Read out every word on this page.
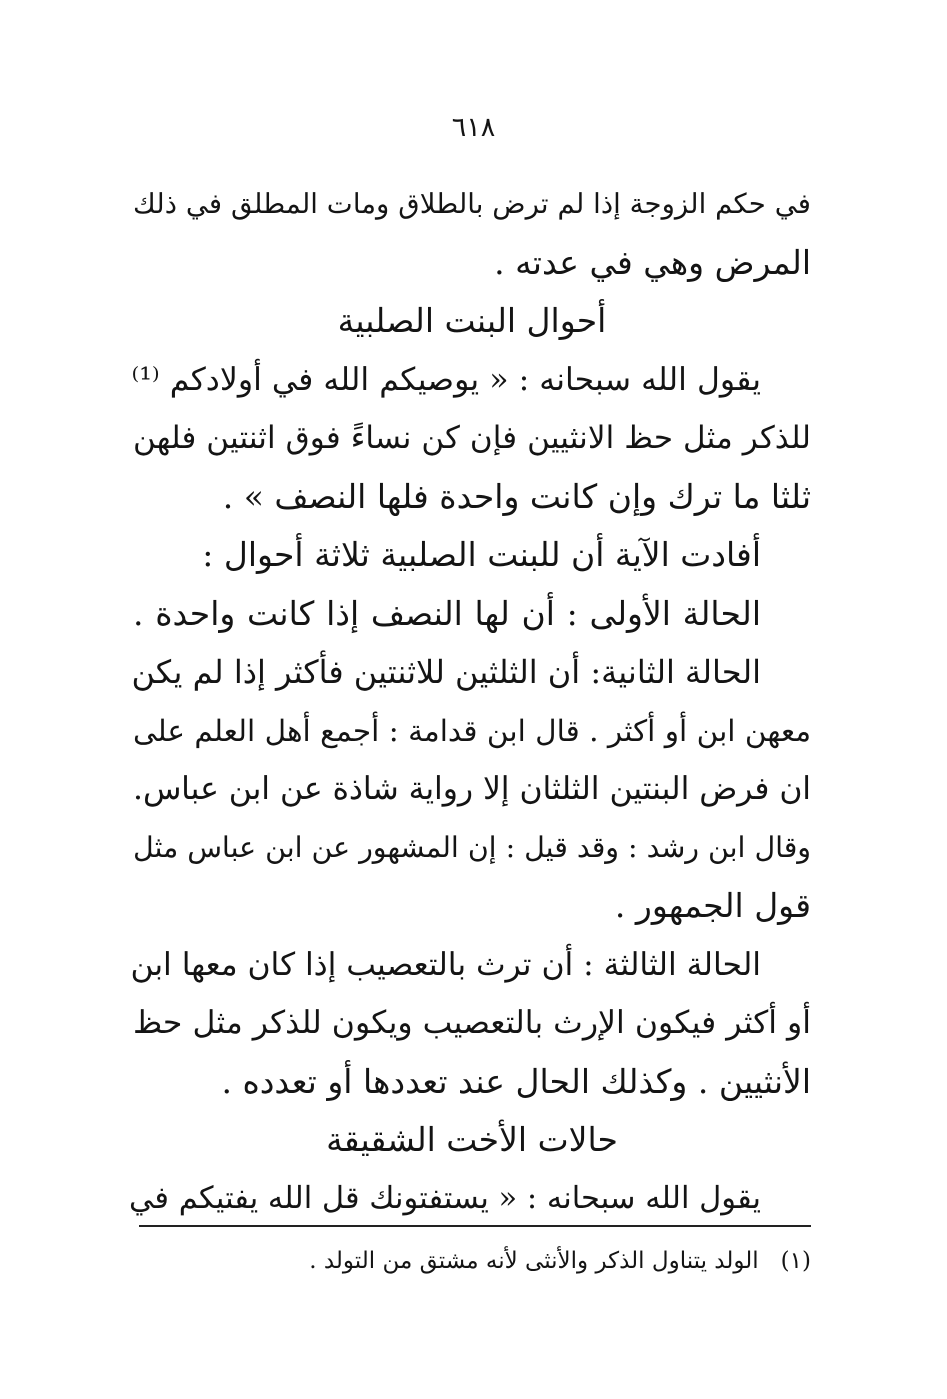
٦١٨
في حكم الزوجة إذا لم ترض بالطلاق ومات المطلق في ذلك
المرض وهي في عدته .
أحوال البنت الصلبية
يقول الله سبحانه : « يوصيكم الله في أولادكم ⁽¹⁾
للذكر مثل حظ الانثيين فإن كن نساءً فوق اثنتين فلهن
ثلثا ما ترك وإن كانت واحدة فلها النصف » .
أفادت الآية أن للبنت الصلبية ثلاثة أحوال :
الحالة الأولى : أن لها النصف إذا كانت واحدة .
الحالة الثانية: أن الثلثين للاثنتين فأكثر إذا لم يكن
معهن ابن أو أكثر . قال ابن قدامة : أجمع أهل العلم على
ان فرض البنتين الثلثان إلا رواية شاذة عن ابن عباس.
وقال ابن رشد : وقد قيل : إن المشهور عن ابن عباس مثل
قول الجمهور .
الحالة الثالثة : أن ترث بالتعصيب إذا كان معها ابن
أو أكثر فيكون الإرث بالتعصيب ويكون للذكر مثل حظ
الأنثيين . وكذلك الحال عند تعددها أو تعدده .
حالات الأخت الشقيقة
يقول الله سبحانه : « يستفتونك قل الله يفتيكم في
(١)الولد يتناول الذكر والأنثى لأنه مشتق من التولد .
